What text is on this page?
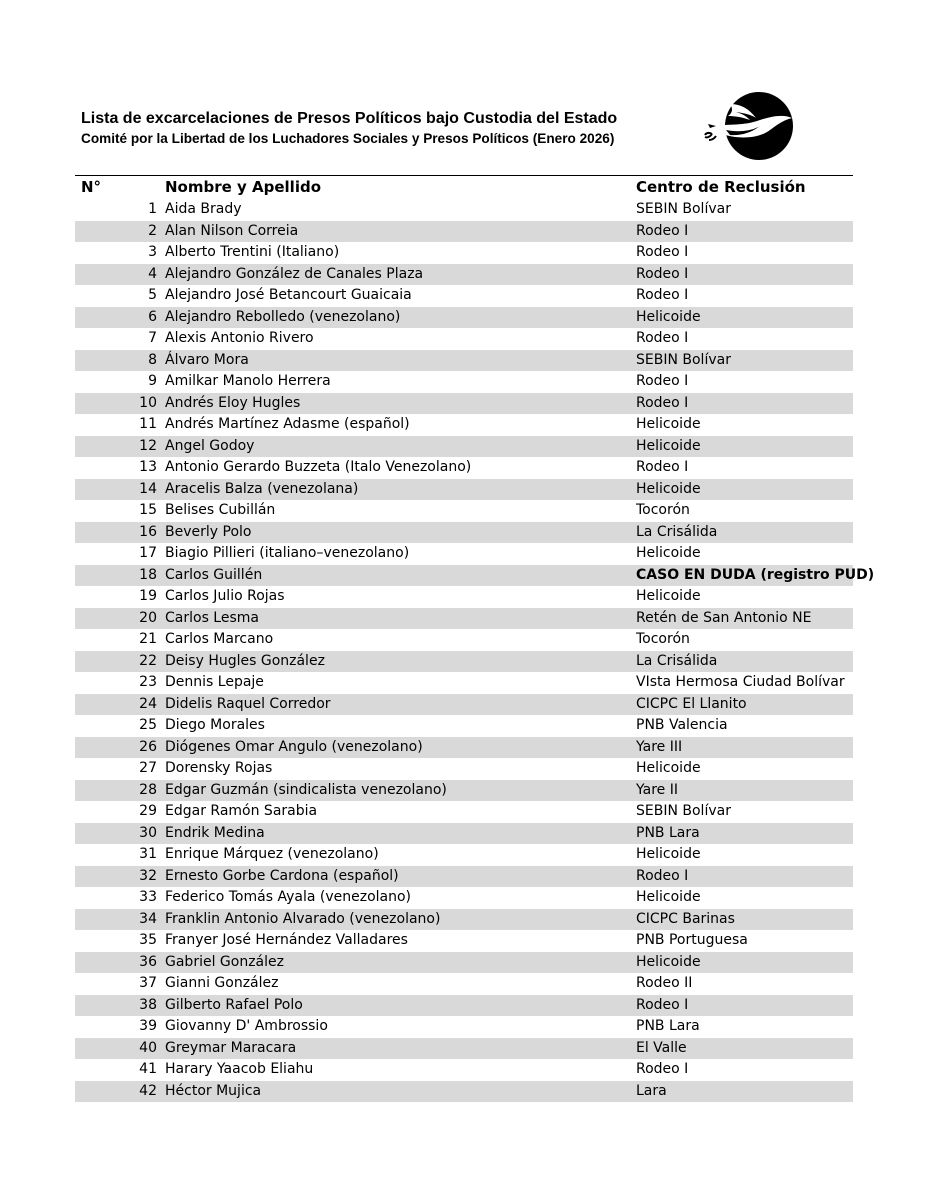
Lista de excarcelaciones de Presos Políticos bajo Custodia del Estado
Comité por la Libertad de los Luchadores Sociales y Presos Políticos (Enero 2026)
N°	Nombre y Apellido	Centro de Reclusión
1 Aida Brady	SEBIN Bolívar
2 Alan Nilson Correia	Rodeo I
3 Alberto Trentini (Italiano)	Rodeo I
4 Alejandro González de Canales Plaza	Rodeo I
5 Alejandro José Betancourt Guaicaia	Rodeo I
6 Alejandro Rebolledo (venezolano)	Helicoide
7 Alexis Antonio Rivero	Rodeo I
8 Álvaro Mora	SEBIN Bolívar
9 Amilkar Manolo Herrera	Rodeo I
10 Andrés Eloy Hugles	Rodeo I
11 Andrés Martínez Adasme (español)	Helicoide
12 Angel Godoy	Helicoide
13 Antonio Gerardo Buzzeta (Italo Venezolano)	Rodeo I
14 Aracelis Balza (venezolana)	Helicoide
15 Belises Cubillán	Tocorón
16 Beverly Polo	La Crisálida
17 Biagio Pillieri (italiano–venezolano)	Helicoide
18 Carlos Guillén	CASO EN DUDA (registro PUD)
19 Carlos Julio Rojas	Helicoide
20 Carlos Lesma	Retén de San Antonio NE
21 Carlos Marcano	Tocorón
22 Deisy Hugles González	La Crisálida
23 Dennis Lepaje	VIsta Hermosa Ciudad Bolívar
24 Didelis Raquel Corredor	CICPC El Llanito
25 Diego Morales	PNB Valencia
26 Diógenes Omar Angulo (venezolano)	Yare III
27 Dorensky Rojas	Helicoide
28 Edgar Guzmán (sindicalista venezolano)	Yare II
29 Edgar Ramón Sarabia	SEBIN Bolívar
30 Endrik Medina	PNB Lara
31 Enrique Márquez (venezolano)	Helicoide
32 Ernesto Gorbe Cardona (español)	Rodeo I
33 Federico Tomás Ayala (venezolano)	Helicoide
34 Franklin Antonio Alvarado (venezolano)	CICPC Barinas
35 Franyer José Hernández Valladares	PNB Portuguesa
36 Gabriel González	Helicoide
37 Gianni González	Rodeo II
38 Gilberto Rafael Polo	Rodeo I
39 Giovanny D' Ambrossio	PNB Lara
40 Greymar Maracara	El Valle
41 Harary Yaacob Eliahu	Rodeo I
42 Héctor Mujica	Lara
